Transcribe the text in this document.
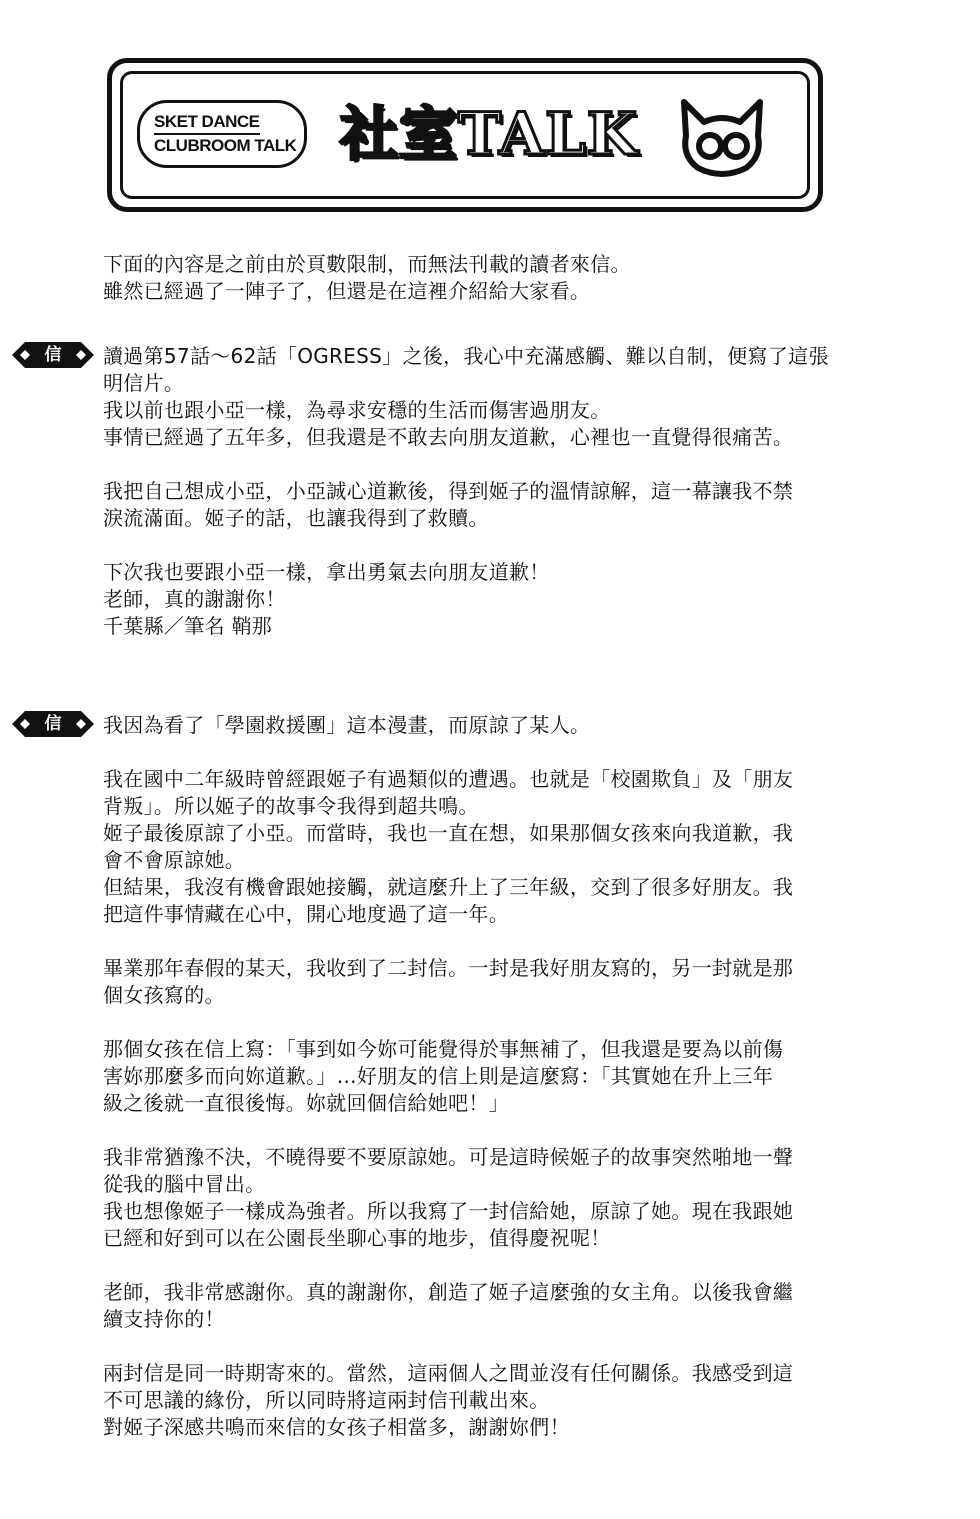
SKET DANCE
CLUBROOM TALK 社室TALK

下面的內容是之前由於頁數限制，而無法刊載的讀者來信。

雖然已經過了一陣子了，但還是在這裡介紹給大家看。

信	讀過第57話～62話「OGRESS」之後，我心中充滿感觸、難以自制，便寫了這張

明信片。

我以前也跟小亞一樣，為尋求安穩的生活而傷害過朋友。

事情已經過了五年多，但我還是不敢去向朋友道歉，心裡也一直覺得很痛苦。

我把自己想成小亞，小亞誠心道歉後，得到姬子的溫情諒解，這一幕讓我不禁

淚流滿面。姬子的話，也讓我得到了救贖。

下次我也要跟小亞一樣，拿出勇氣去向朋友道歉！

老師，真的謝謝你！

千葉縣／筆名 鞘那

信	我因為看了「學園救援團」這本漫畫，而原諒了某人。

我在國中二年級時曾經跟姬子有過類似的遭遇。也就是「校園欺負」及「朋友

背叛」。所以姬子的故事令我得到超共鳴。

姬子最後原諒了小亞。而當時，我也一直在想，如果那個女孩來向我道歉，我

會不會原諒她。

但結果，我沒有機會跟她接觸，就這麼升上了三年級，交到了很多好朋友。我

把這件事情藏在心中，開心地度過了這一年。

畢業那年春假的某天，我收到了二封信。一封是我好朋友寫的，另一封就是那

個女孩寫的。

那個女孩在信上寫：「事到如今妳可能覺得於事無補了，但我還是要為以前傷

害妳那麼多而向妳道歉。」…好朋友的信上則是這麼寫：「其實她在升上三年

級之後就一直很後悔。妳就回個信給她吧！」

我非常猶豫不決，不曉得要不要原諒她。可是這時候姬子的故事突然啪地一聲

從我的腦中冒出。

我也想像姬子一樣成為強者。所以我寫了一封信給她，原諒了她。現在我跟她

已經和好到可以在公園長坐聊心事的地步，值得慶祝呢！

老師，我非常感謝你。真的謝謝你，創造了姬子這麼強的女主角。以後我會繼

續支持你的！

兩封信是同一時期寄來的。當然，這兩個人之間並沒有任何關係。我感受到這

不可思議的緣份，所以同時將這兩封信刊載出來。

對姬子深感共鳴而來信的女孩子相當多，謝謝妳們！
